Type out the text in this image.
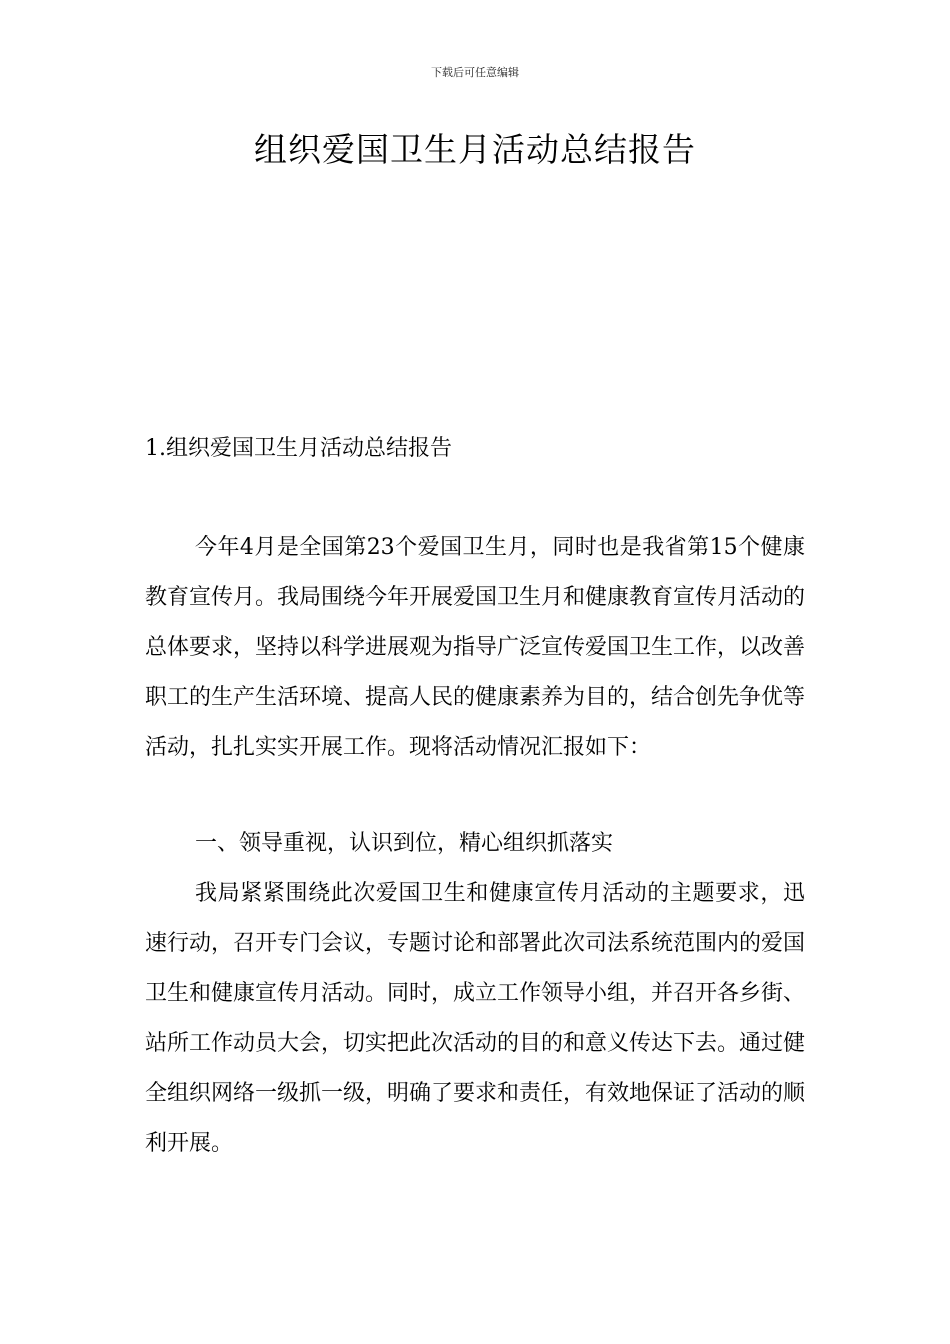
下载后可任意编辑
组织爱国卫生月活动总结报告
1.组织爱国卫生月活动总结报告

今年4月是全国第23个爱国卫生月，同时也是我省第15个健康教育宣传月。我局围绕今年开展爱国卫生月和健康教育宣传月活动的总体要求，坚持以科学进展观为指导广泛宣传爱国卫生工作，以改善职工的生产生活环境、提高人民的健康素养为目的，结合创先争优等活动，扎扎实实开展工作。现将活动情况汇报如下：

一、领导重视，认识到位，精心组织抓落实

我局紧紧围绕此次爱国卫生和健康宣传月活动的主题要求，迅速行动，召开专门会议，专题讨论和部署此次司法系统范围内的爱国卫生和健康宣传月活动。同时，成立工作领导小组，并召开各乡街、站所工作动员大会，切实把此次活动的目的和意义传达下去。通过健全组织网络一级抓一级，明确了要求和责任，有效地保证了活动的顺利开展。
